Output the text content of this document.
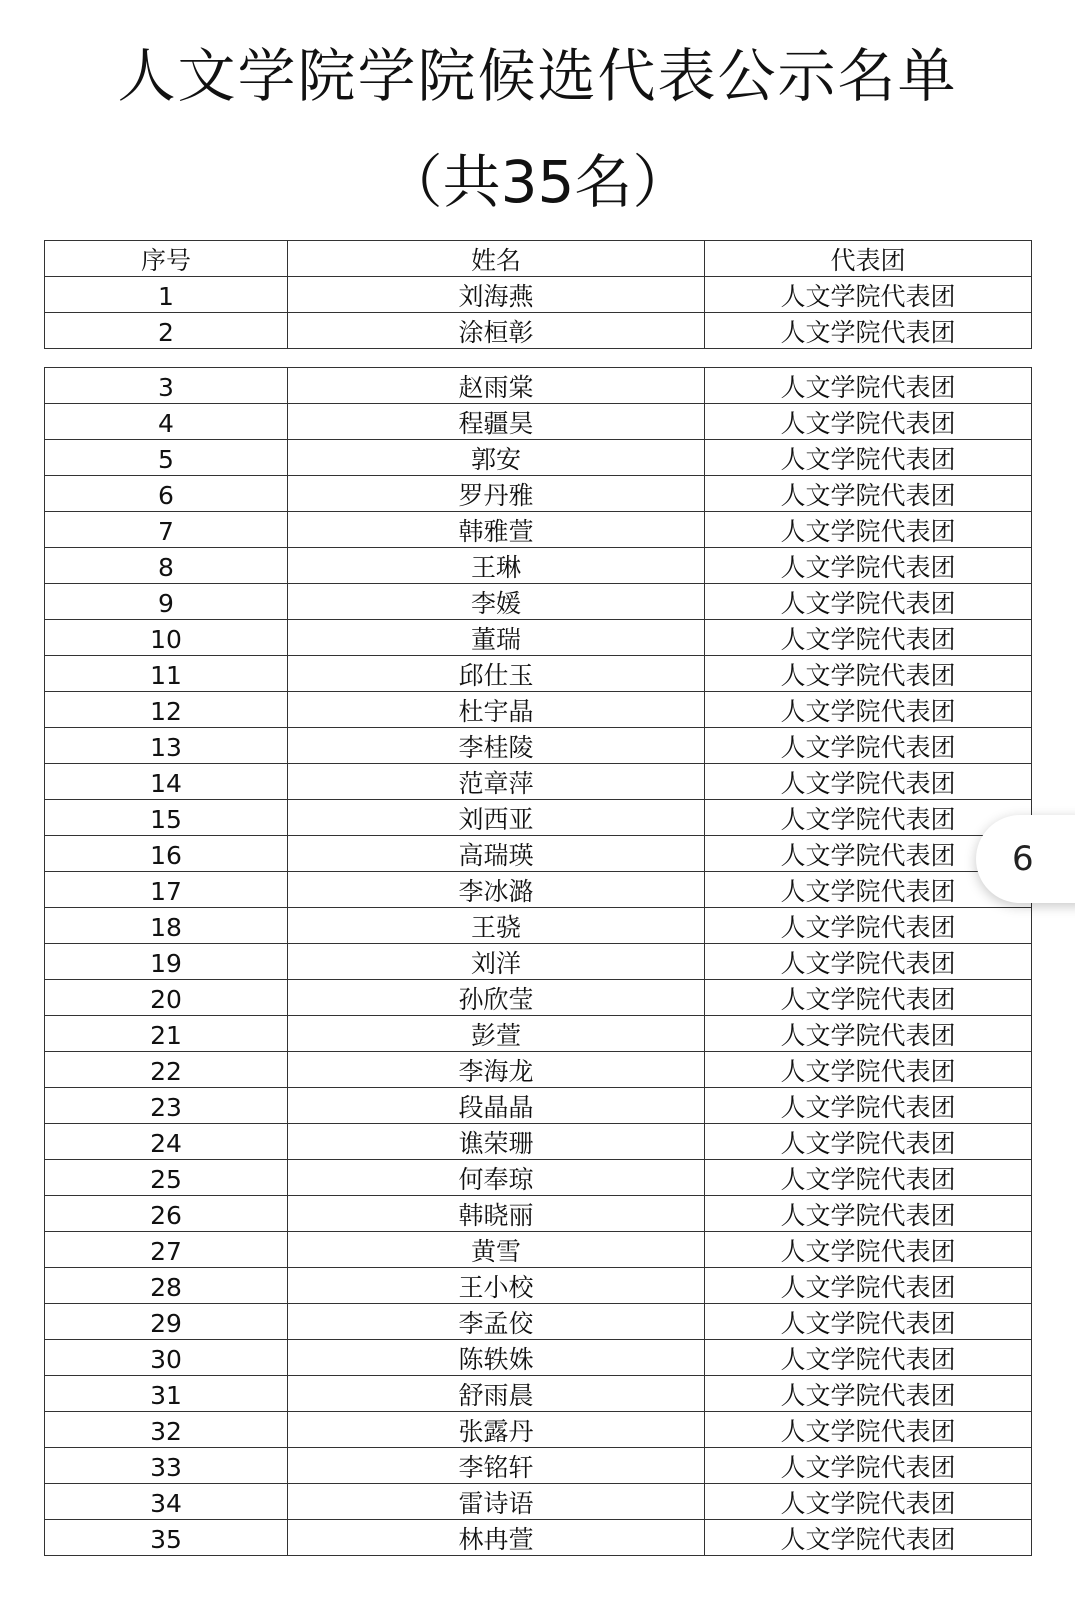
人文学院学院候选代表公示名单
（共35名）
序号	姓名	代表团
1	刘海燕	人文学院代表团
2	涂桓彰	人文学院代表团
3	赵雨棠	人文学院代表团
4	程疆昊	人文学院代表团
5	郭安	人文学院代表团
6	罗丹雅	人文学院代表团
7	韩雅萱	人文学院代表团
8	王琳	人文学院代表团
9	李媛	人文学院代表团
10	董瑞	人文学院代表团
11	邱仕玉	人文学院代表团
12	杜宇晶	人文学院代表团
13	李桂陵	人文学院代表团
14	范章萍	人文学院代表团
15	刘西亚	人文学院代表团
16	高瑞瑛	人文学院代表团
17	李冰潞	人文学院代表团
18	王骁	人文学院代表团
19	刘洋	人文学院代表团
20	孙欣莹	人文学院代表团
21	彭萱	人文学院代表团
22	李海龙	人文学院代表团
23	段晶晶	人文学院代表团
24	谯荣珊	人文学院代表团
25	何奉琼	人文学院代表团
26	韩晓丽	人文学院代表团
27	黄雪	人文学院代表团
28	王小校	人文学院代表团
29	李孟佼	人文学院代表团
30	陈轶姝	人文学院代表团
31	舒雨晨	人文学院代表团
32	张露丹	人文学院代表团
33	李铭轩	人文学院代表团
34	雷诗语	人文学院代表团
35	林冉萱	人文学院代表团
6
